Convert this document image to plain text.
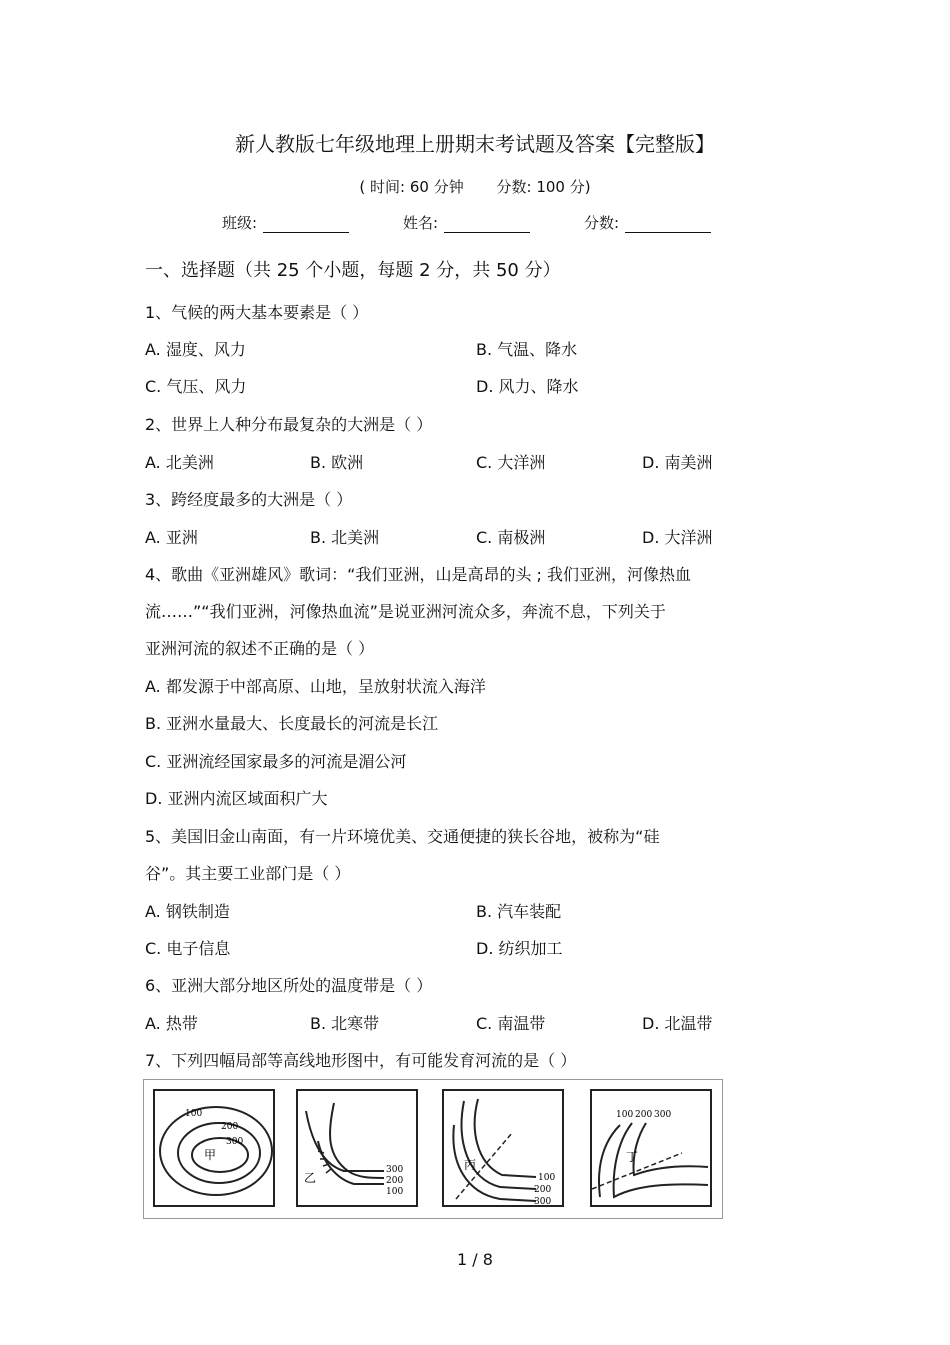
新人教版七年级地理上册期末考试题及答案【完整版】
( 时间: 60 分钟 分数: 100 分)
班级:	姓名:	分数:
一、选择题（共 25 个小题，每题 2 分，共 50 分）
1、气候的两大基本要素是（ ）
A. 湿度、风力	B. 气温、降水
C. 气压、风力	D. 风力、降水
2、世界上人种分布最复杂的大洲是（ ）
A. 北美洲	B. 欧洲	C. 大洋洲	D. 南美洲
3、跨经度最多的大洲是（ ）
A. 亚洲	B. 北美洲	C. 南极洲	D. 大洋洲
4、歌曲《亚洲雄风》歌词：“我们亚洲，山是高昂的头 ; 我们亚洲，河像热血
流……”“我们亚洲，河像热血流”是说亚洲河流众多，奔流不息，下列关于
亚洲河流的叙述不正确的是（ ）
A. 都发源于中部高原、山地，呈放射状流入海洋
B. 亚洲水量最大、长度最长的河流是长江
C. 亚洲流经国家最多的河流是湄公河
D. 亚洲内流区域面积广大
5、美国旧金山南面，有一片环境优美、交通便捷的狭长谷地，被称为“硅
谷”。其主要工业部门是（ ）
A. 钢铁制造	B. 汽车装配
C. 电子信息	D. 纺织加工
6、亚洲大部分地区所处的温度带是（ ）
A. 热带	B. 北寒带	C. 南温带	D. 北温带
7、下列四幅局部等高线地形图中，有可能发育河流的是（ ）
100
200
300
甲
300
200
100
乙	100
200
300
丙
100 200 300
丁
1 / 8
